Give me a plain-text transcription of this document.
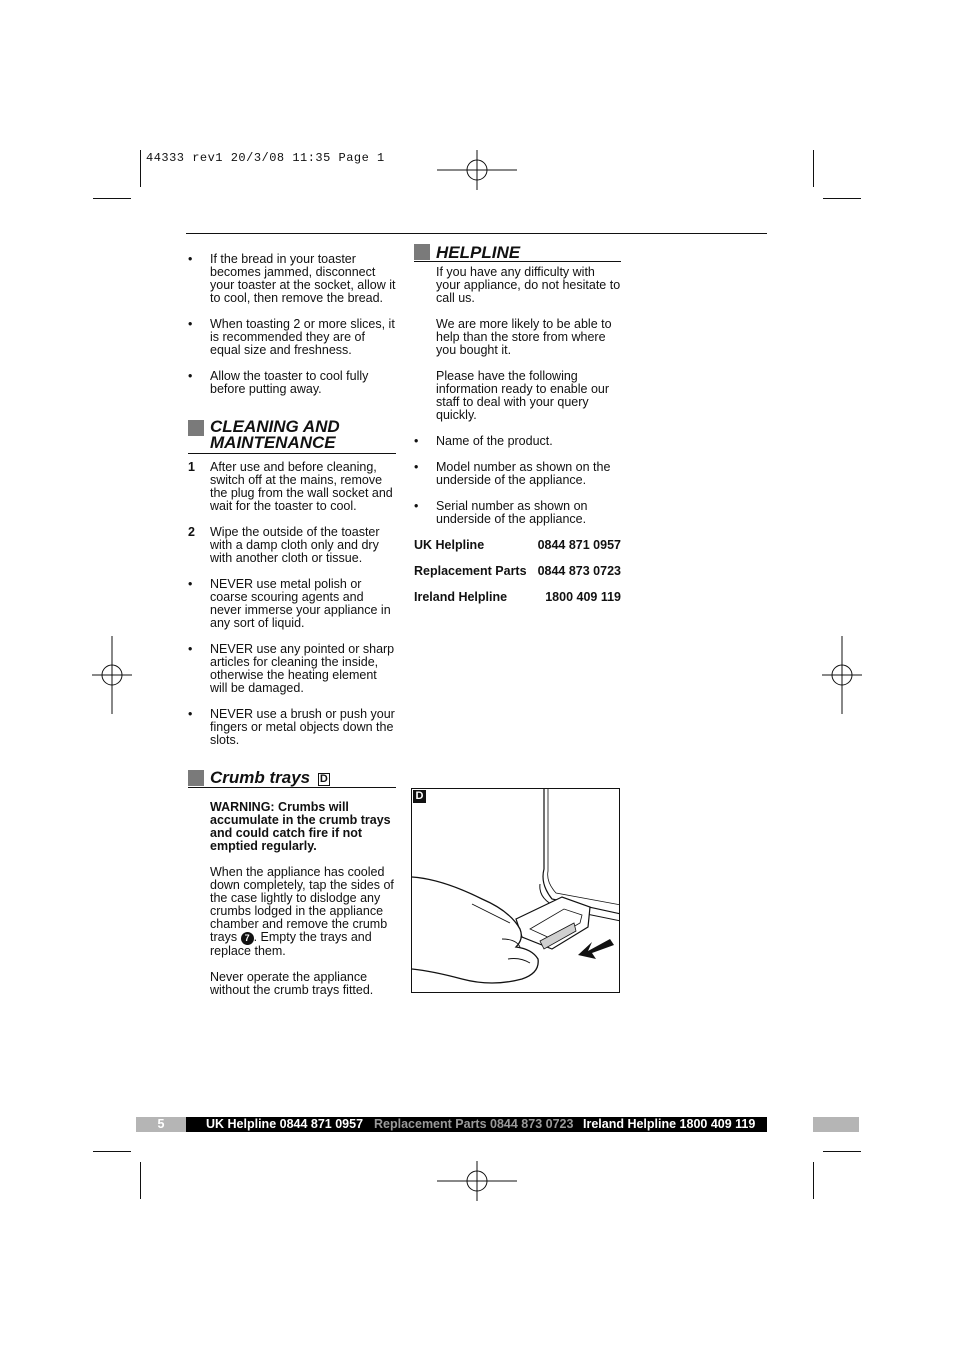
44333 rev1 20/3/08 11:35 Page 1
• If the bread in your toaster becomes jammed, disconnect your toaster at the socket, allow it to cool, then remove the bread.

• When toasting 2 or more slices, it is recommended they are of equal size and freshness.

• Allow the toaster to cool fully before putting away.

CLEANING AND
MAINTENANCE
1 After use and before cleaning, switch off at the mains, remove the plug from the wall socket and wait for the toaster to cool.

2 Wipe the outside of the toaster with a damp cloth only and dry with another cloth or tissue.

• NEVER use metal polish or coarse scouring agents and never immerse your appliance in any sort of liquid.

• NEVER use any pointed or sharp articles for cleaning the inside, otherwise the heating element will be damaged.

• NEVER use a brush or push your fingers or metal objects down the slots.

Crumb trays D

WARNING: Crumbs will accumulate in the crumb trays and could catch fire if not emptied regularly.

When the appliance has cooled down completely, tap the sides of the case lightly to dislodge any crumbs lodged in the appliance chamber and remove the crumb trays 7 . Empty the trays and replace them.

Never operate the appliance without the crumb trays fitted.

HELPLINE

If you have any difficulty with your appliance, do not hesitate to call us.

We are more likely to be able to help than the store from where you bought it.

Please have the following information ready to enable our staff to deal with your query quickly.

• Name of the product.

• Model number as shown on the underside of the appliance.

• Serial number as shown on underside of the appliance.

UK Helpline	0844 871 0957
Replacement Parts 0844 873 0723
Ireland Helpline	1800 409 119
D
5	UK Helpline 0844 871 0957 Replacement Parts 0844 873 0723 Ireland Helpline 1800 409 119
